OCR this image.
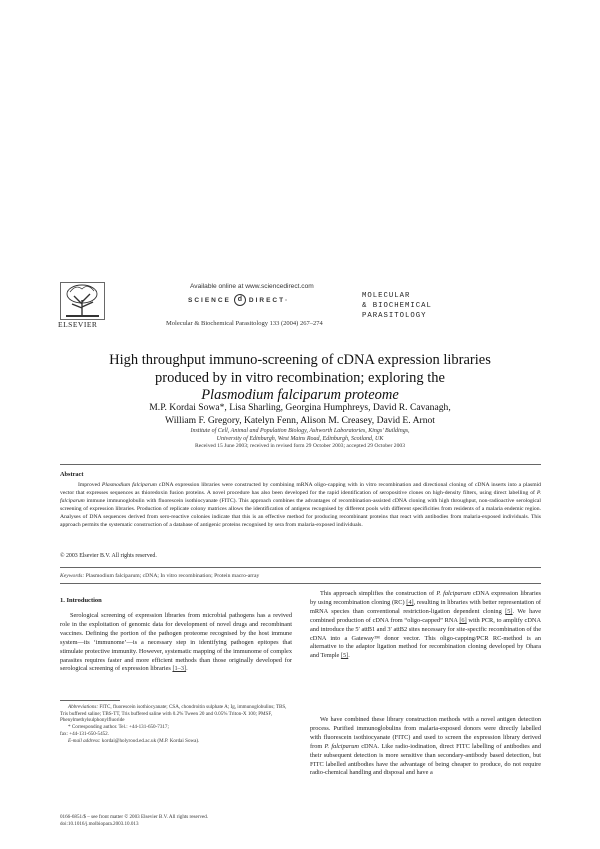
ELSEVIER
Available online at www.sciencedirect.com
SCIENCE d	DIRECT·
Molecular & Biochemical Parasitology 133 (2004) 267–274
MOLECULAR
& BIOCHEMICAL
PARASITOLOGY
High throughput immuno-screening of cDNA expression libraries
produced by in vitro recombination; exploring the
Plasmodium falciparum proteome
M.P. Kordai Sowa*, Lisa Sharling, Georgina Humphreys, David R. Cavanagh,
William F. Gregory, Katelyn Fenn, Alison M. Creasey, David E. Arnot
Institute of Cell, Animal and Population Biology, Ashworth Laboratories, Kings' Buildings,
University of Edinburgh, West Mains Road, Edinburgh, Scotland, UK
Received 15 June 2003; received in revised form 29 October 2003; accepted 29 October 2003
Abstract

Improved Plasmodium falciparum cDNA expression libraries were constructed by combining mRNA oligo-capping with in vitro recombination and directional cloning of cDNA inserts into a plasmid vector that expresses sequences as thioredoxin fusion proteins. A novel procedure has also been developed for the rapid identification of seropositive clones on high-density filters, using direct labelling of P. falciparum immune immunoglobulin with fluorescein isothiocyanate (FITC). This approach combines the advantages of recombination-assisted cDNA cloning with high throughput, non-radioactive serological screening of expression libraries. Production of replicate colony matrices allows the identification of antigens recognised by different pools with different specificities from residents of a malaria endemic region. Analyses of DNA sequences derived from sero-reactive colonies indicate that this is an effective method for producing recombinant proteins that react with antibodies from malaria-exposed individuals. This approach permits the systematic construction of a database of antigenic proteins recognised by sera from malaria-exposed individuals.

© 2003 Elsevier B.V. All rights reserved.
Keywords: Plasmodium falciparum; cDNA; In vitro recombination; Protein macro-array
1. Introduction

Serological screening of expression libraries from microbial pathogens has a revived role in the exploitation of genomic data for development of novel drugs and recombinant vaccines. Defining the portion of the pathogen proteome recognised by the host immune system—its ‘immunome’—is a necessary step in identifying pathogen epitopes that stimulate protective immunity. However, systematic mapping of the immunome of complex parasites requires faster and more efficient methods than those originally developed for serological screening of expression libraries [1–3].

Abbreviations: FITC, fluorescein isothiocyanate; CSA, chondroitin sulphate A; Ig, immunoglobulins; TBS, Tris buffered saline; TBS-TT, Tris buffered saline with 0.2% Tween 20 and 0.05% Triton-X 100; PMSF, Phenylmethylsulphonylfluoride

* Corresponding author. Tel.: +44-131-650-7317;

fax: +44-131-650-5452.

E-mail address: kordai@holyrood.ed.ac.uk (M.P. Kordai Sowa).

This approach simplifies the construction of P. falciparum cDNA expression libraries by using recombination cloning (RC) [4], resulting in libraries with better representation of mRNA species than conventional restriction-ligation dependent cloning [5]. We have combined production of cDNA from “oligo-capped” RNA [6] with PCR, to amplify cDNA and introduce the 5′ attB1 and 3′ attB2 sites necessary for site-specific recombination of the cDNA into a Gateway™ donor vector. This oligo-capping/PCR RC-method is an alternative to the adaptor ligation method for recombination cloning developed by Ohara and Temple [5].

We have combined these library construction methods with a novel antigen detection process. Purified immunoglobulins from malaria-exposed donors were directly labelled with fluorescein isothiocyanate (FITC) and used to screen the expression library derived from P. falciparum cDNA. Like radio-iodination, direct FITC labelling of antibodies and their subsequent detection is more sensitive than secondary-antibody based detection, but FITC labelled antibodies have the advantage of being cheaper to produce, do not require radio-chemical handling and disposal and have a

0166-6851/$ – see front matter © 2003 Elsevier B.V. All rights reserved.
doi:10.1016/j.molbiopara.2003.10.013
